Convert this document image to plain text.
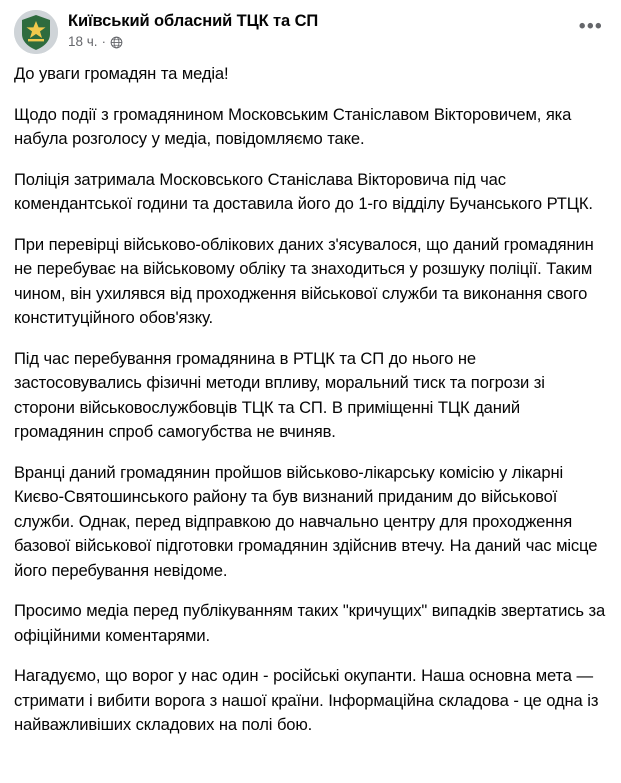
Київський обласний ТЦК та СП
18 ч. ·
•••

До уваги громадян та медіа!

Щодо події з громадянином Московським Станіславом Вікторовичем, яка набула розголосу у медіа, повідомляємо таке.

Поліція затримала Московського Станіслава Вікторовича під час комендантської години та доставила його до 1-го відділу Бучанського РТЦК.

При перевірці військово-облікових даних з'ясувалося, що даний громадянин не перебуває на військовому обліку та знаходиться у розшуку поліції. Таким чином, він ухилявся від проходження військової служби та виконання свого конституційного обов'язку.

Під час перебування громадянина в РТЦК та СП до нього не застосовувались фізичні методи впливу, моральний тиск та погрози зі сторони військовослужбовців ТЦК та СП. В приміщенні ТЦК даний громадянин спроб самогубства не вчиняв.

Вранці даний громадянин пройшов військово-лікарську комісію у лікарні Києво-Святошинського району та був визнаний приданим до військової служби. Однак, перед відправкою до навчально центру для проходження базової військової підготовки громадянин здійснив втечу. На даний час місце його перебування невідоме.

Просимо медіа перед публікуванням таких "кричущих" випадків звертатись за офіційними коментарями.

Нагадуємо, що ворог у нас один - російські окупанти. Наша основна мета — стримати і вибити ворога з нашої країни. Інформаційна складова - це одна із найважливіших складових на полі бою.
